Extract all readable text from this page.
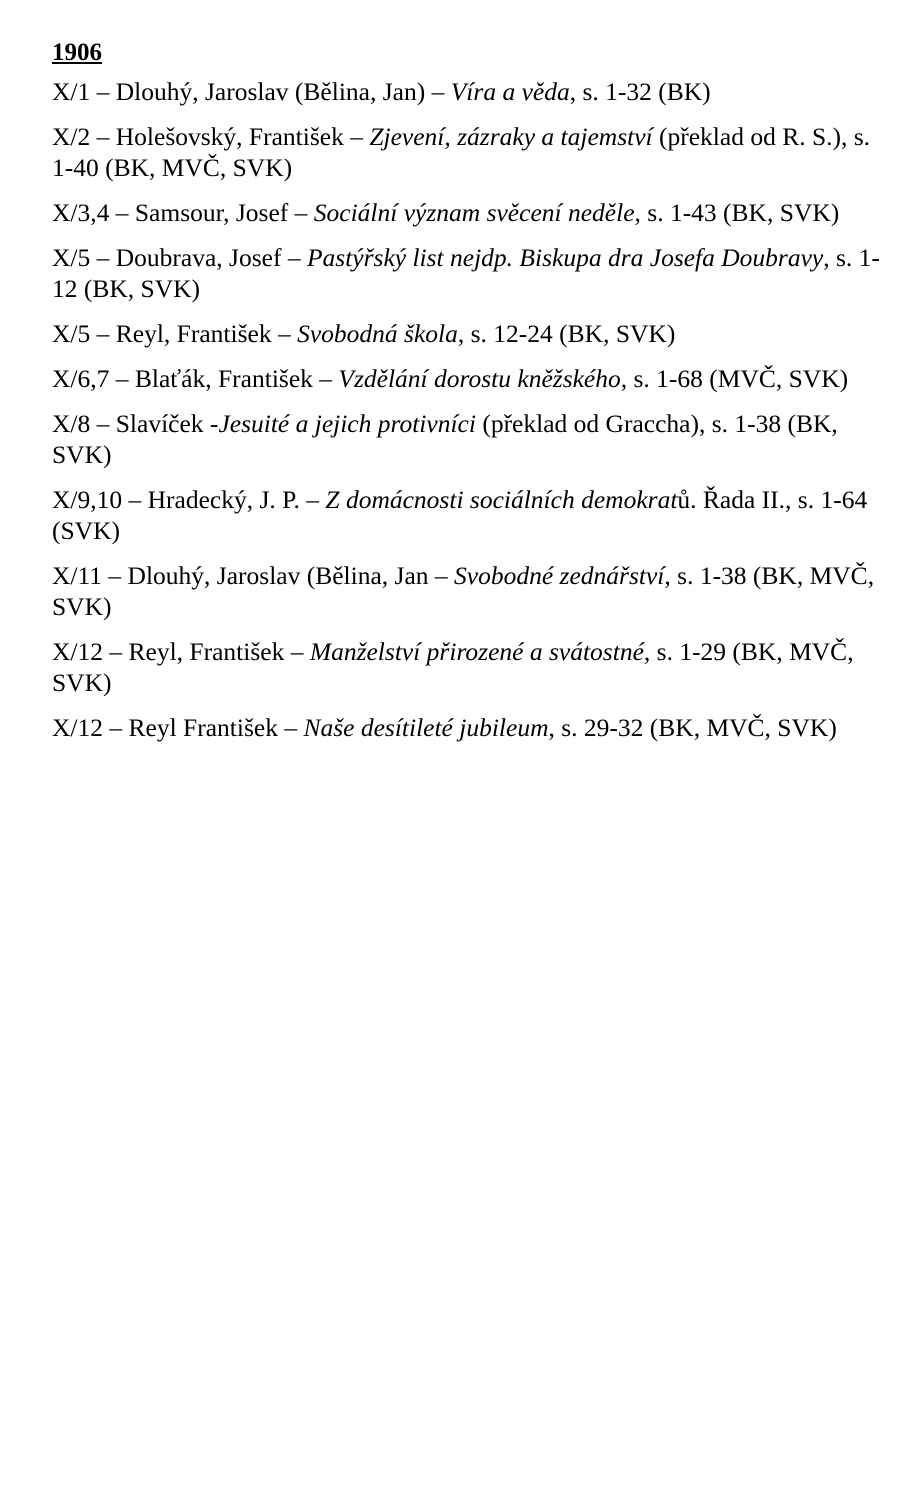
1906
X/1 – Dlouhý, Jaroslav (Bělina, Jan) – Víra a věda, s. 1-32 (BK)
X/2 – Holešovský, František – Zjevení, zázraky a tajemství (překlad od R. S.), s. 1-40 (BK, MVČ, SVK)
X/3,4 – Samsour, Josef – Sociální význam svěcení neděle, s. 1-43 (BK, SVK)
X/5 – Doubrava, Josef – Pastýřský list nejdp. Biskupa dra Josefa Doubravy, s. 1-12 (BK, SVK)
X/5 – Reyl, František – Svobodná škola, s. 12-24 (BK, SVK)
X/6,7 – Blaťák, František – Vzdělání dorostu kněžského, s. 1-68 (MVČ, SVK)
X/8 – Slavíček -Jesuité a jejich protivníci (překlad od Graccha), s. 1-38 (BK, SVK)
X/9,10 – Hradecký, J. P. – Z domácnosti sociálních demokratů. Řada II., s. 1-64 (SVK)
X/11 – Dlouhý, Jaroslav (Bělina, Jan – Svobodné zednářství, s. 1-38 (BK, MVČ, SVK)
X/12 – Reyl, František – Manželství přirozené a svátostné, s. 1-29 (BK, MVČ, SVK)
X/12 – Reyl František – Naše desítileté jubileum, s. 29-32 (BK, MVČ, SVK)
